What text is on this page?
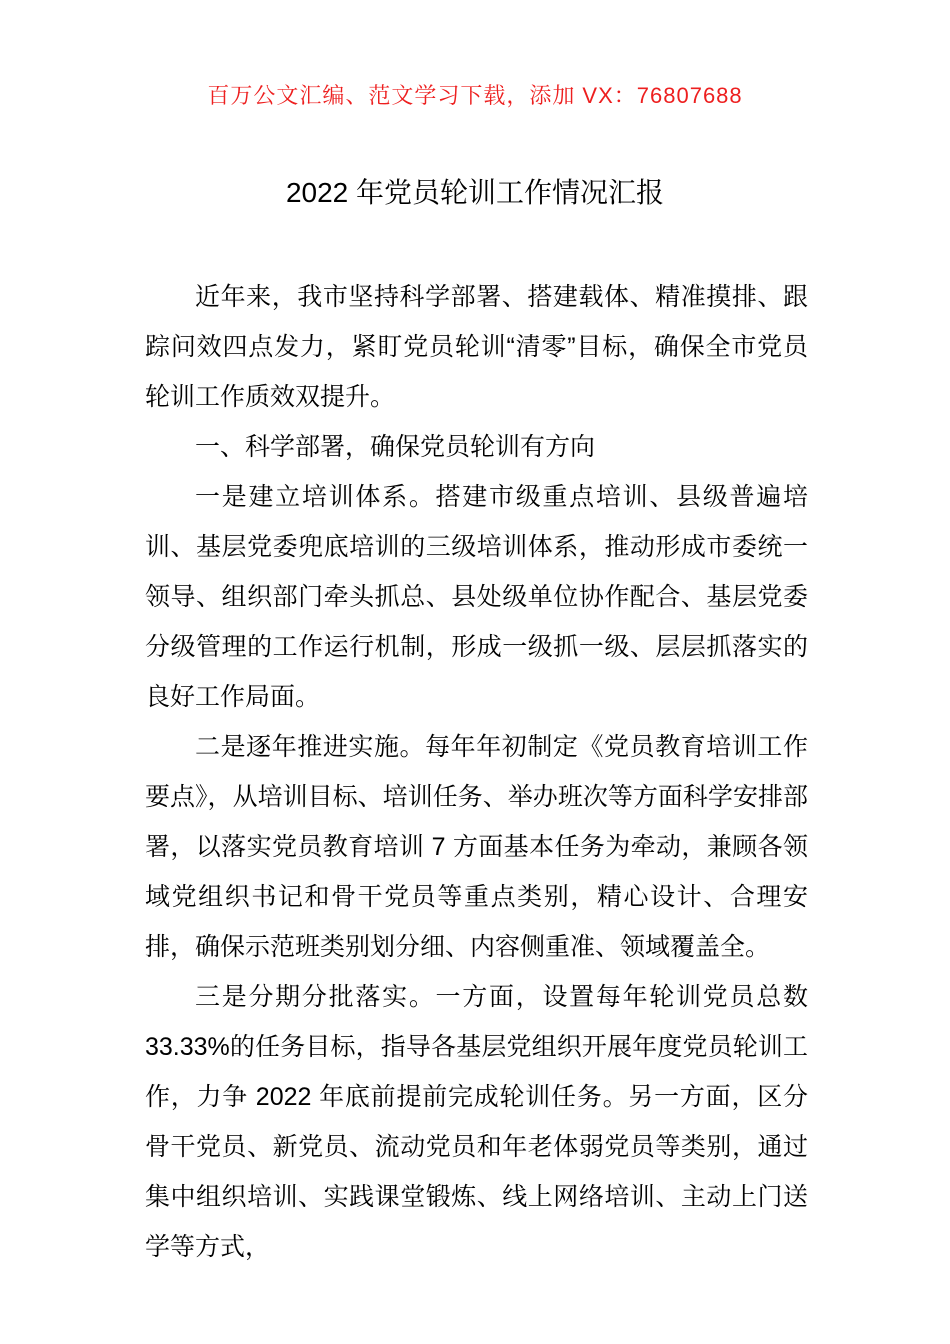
百万公文汇编、范文学习下载，添加 VX：76807688
2022 年党员轮训工作情况汇报

近年来，我市坚持科学部署、搭建载体、精准摸排、跟踪问效四点发力，紧盯党员轮训“清零”目标，确保全市党员轮训工作质效双提升。

一、科学部署，确保党员轮训有方向

一是建立培训体系。搭建市级重点培训、县级普遍培训、基层党委兜底培训的三级培训体系，推动形成市委统一领导、组织部门牵头抓总、县处级单位协作配合、基层党委分级管理的工作运行机制，形成一级抓一级、层层抓落实的良好工作局面。

二是逐年推进实施。每年年初制定《党员教育培训工作要点》，从培训目标、培训任务、举办班次等方面科学安排部署，以落实党员教育培训 7 方面基本任务为牵动，兼顾各领域党组织书记和骨干党员等重点类别，精心设计、合理安排，确保示范班类别划分细、内容侧重准、领域覆盖全。

三是分期分批落实。一方面，设置每年轮训党员总数 33.33%的任务目标，指导各基层党组织开展年度党员轮训工作，力争 2022 年底前提前完成轮训任务。另一方面，区分骨干党员、新党员、流动党员和年老体弱党员等类别，通过集中组织培训、实践课堂锻炼、线上网络培训、主动上门送学等方式，
